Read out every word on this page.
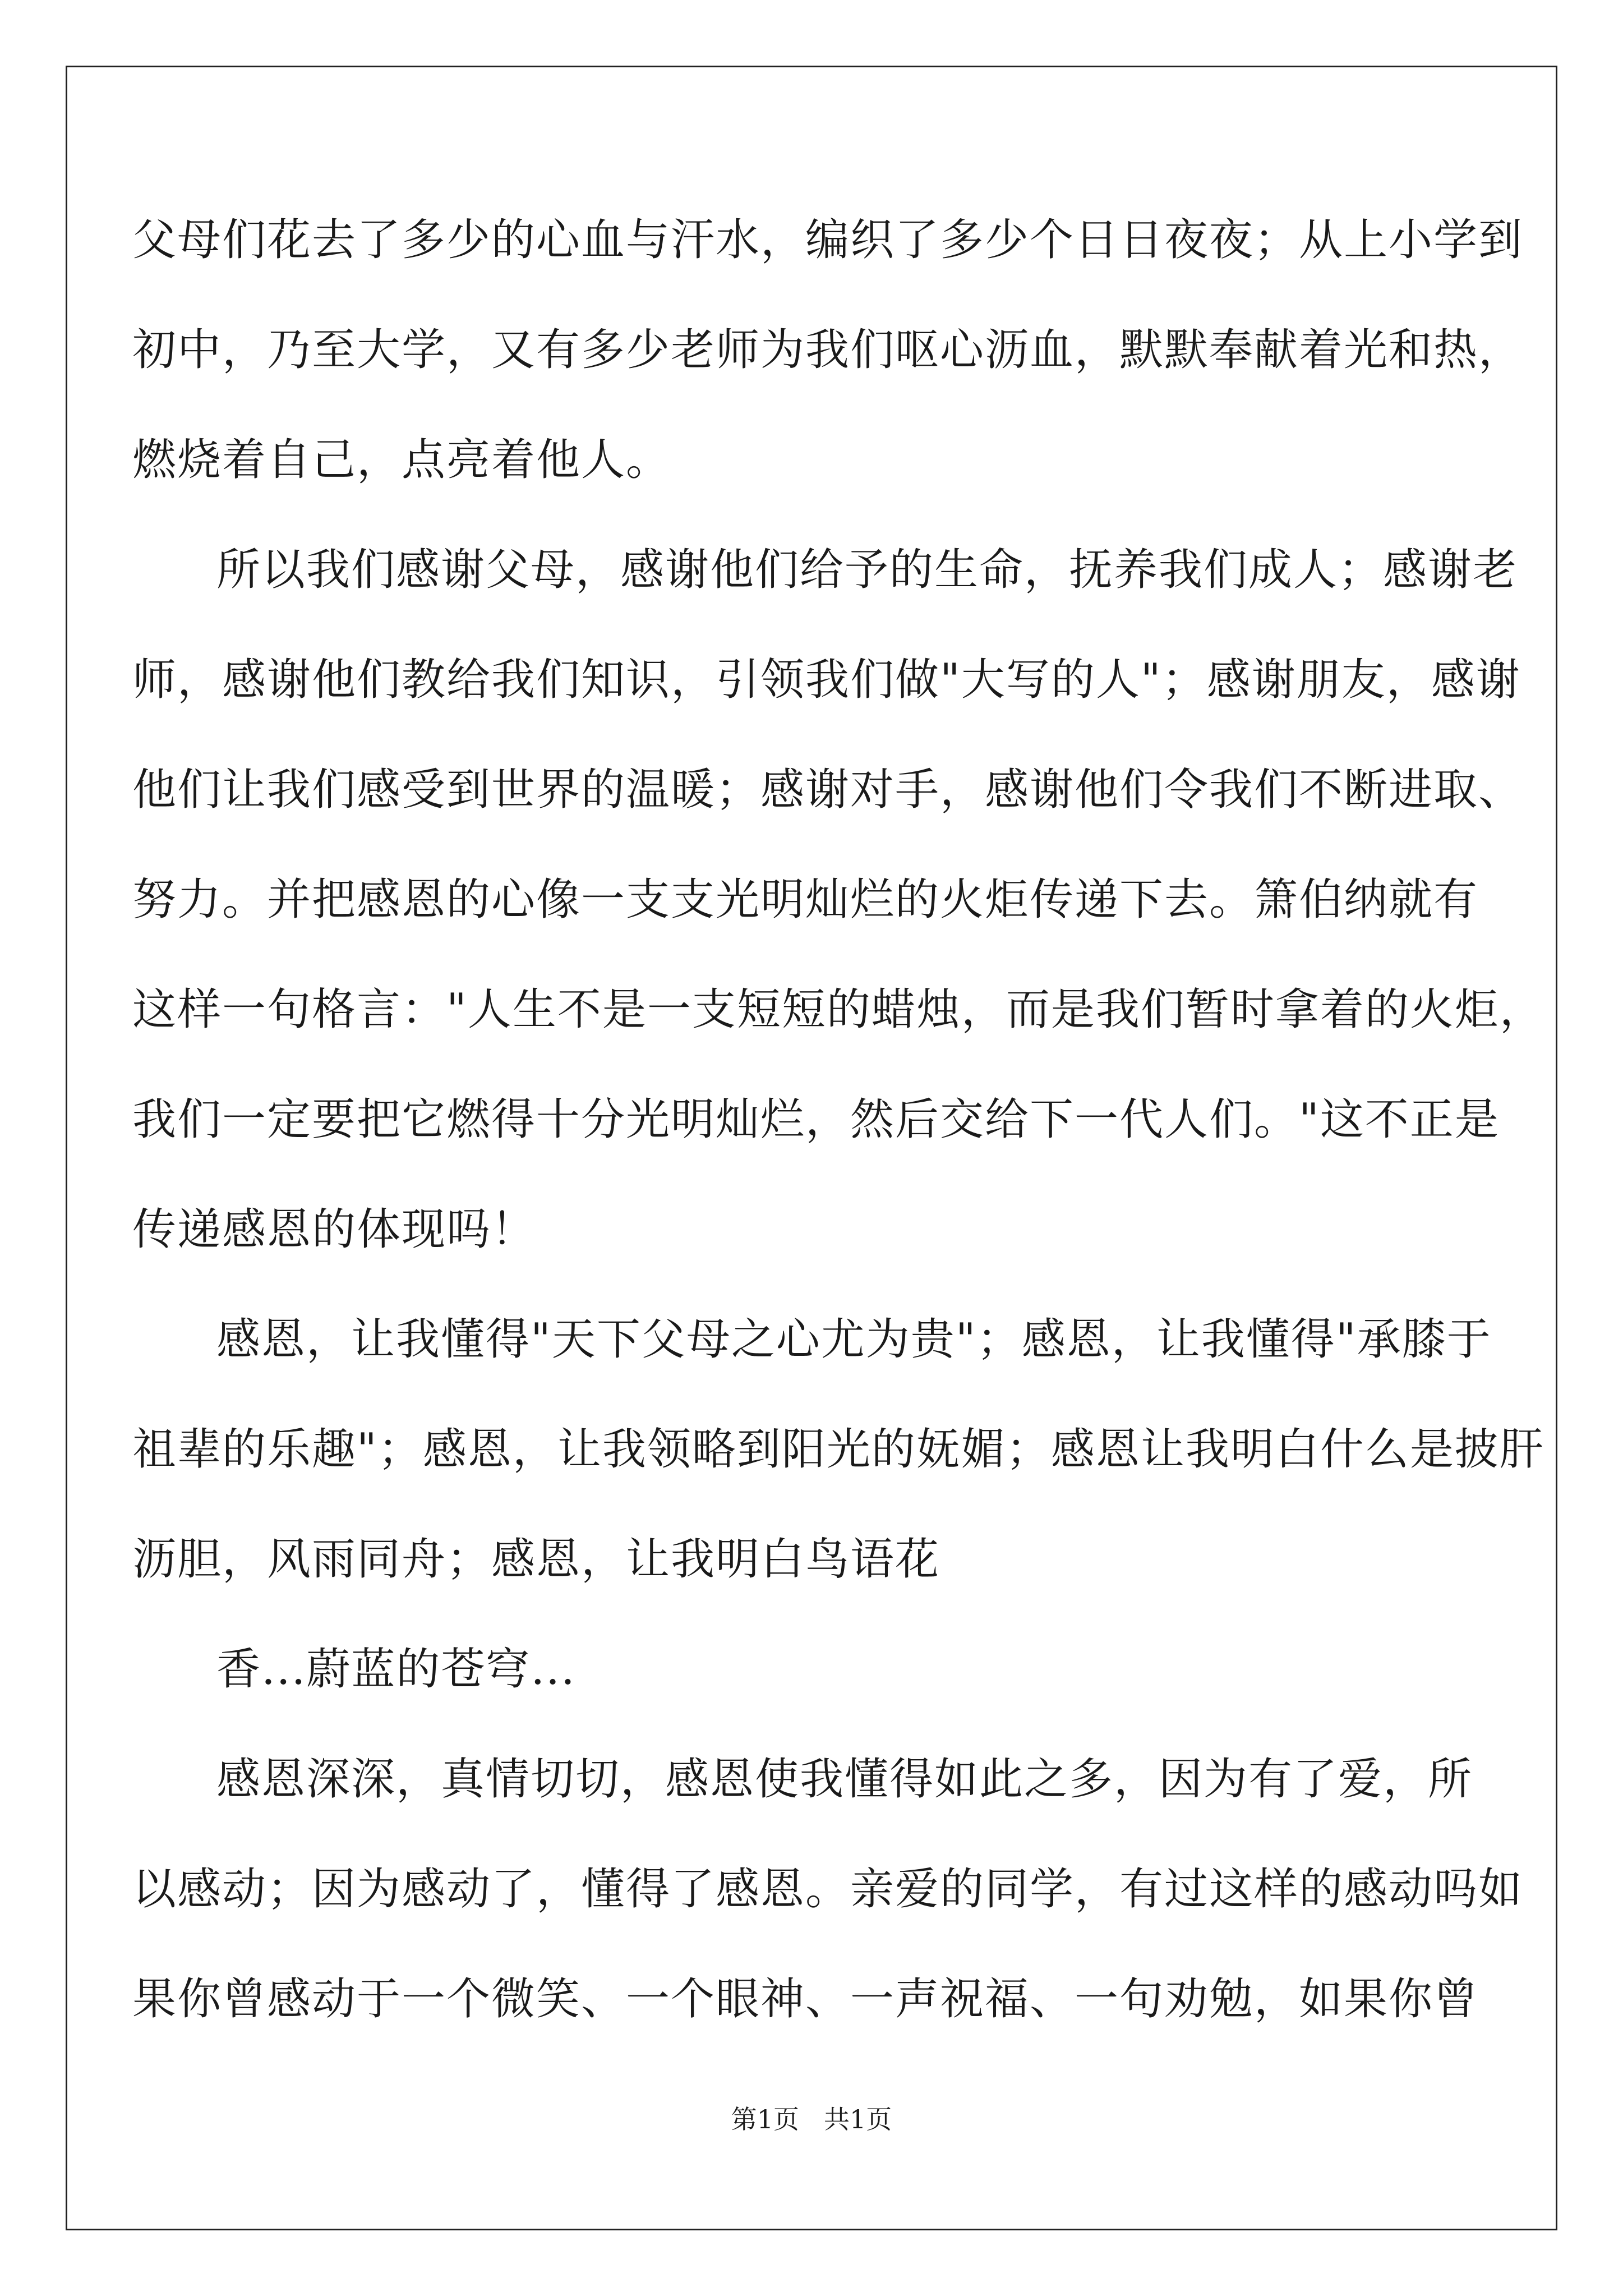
父母们花去了多少的心血与汗水，编织了多少个日日夜夜；从上小学到
初中，乃至大学，又有多少老师为我们呕心沥血，默默奉献着光和热，
燃烧着自己，点亮着他人。

所以我们感谢父母，感谢他们给予的生命，抚养我们成人；感谢老
师，感谢他们教给我们知识，引领我们做"大写的人"；感谢朋友，感谢
他们让我们感受到世界的温暖；感谢对手，感谢他们令我们不断进取、
努力。并把感恩的心像一支支光明灿烂的火炬传递下去。箫伯纳就有
这样一句格言："人生不是一支短短的蜡烛，而是我们暂时拿着的火炬，
我们一定要把它燃得十分光明灿烂，然后交给下一代人们。"这不正是
传递感恩的体现吗！

感恩，让我懂得"天下父母之心尤为贵"；感恩，让我懂得"承膝于
祖辈的乐趣"；感恩，让我领略到阳光的妩媚；感恩让我明白什么是披肝
沥胆，风雨同舟；感恩，让我明白鸟语花

香...蔚蓝的苍穹...

感恩深深，真情切切，感恩使我懂得如此之多，因为有了爱，所
以感动；因为感动了，懂得了感恩。亲爱的同学，有过这样的感动吗如
果你曾感动于一个微笑、一个眼神、一声祝福、一句劝勉，如果你曾

第1页 共1页
